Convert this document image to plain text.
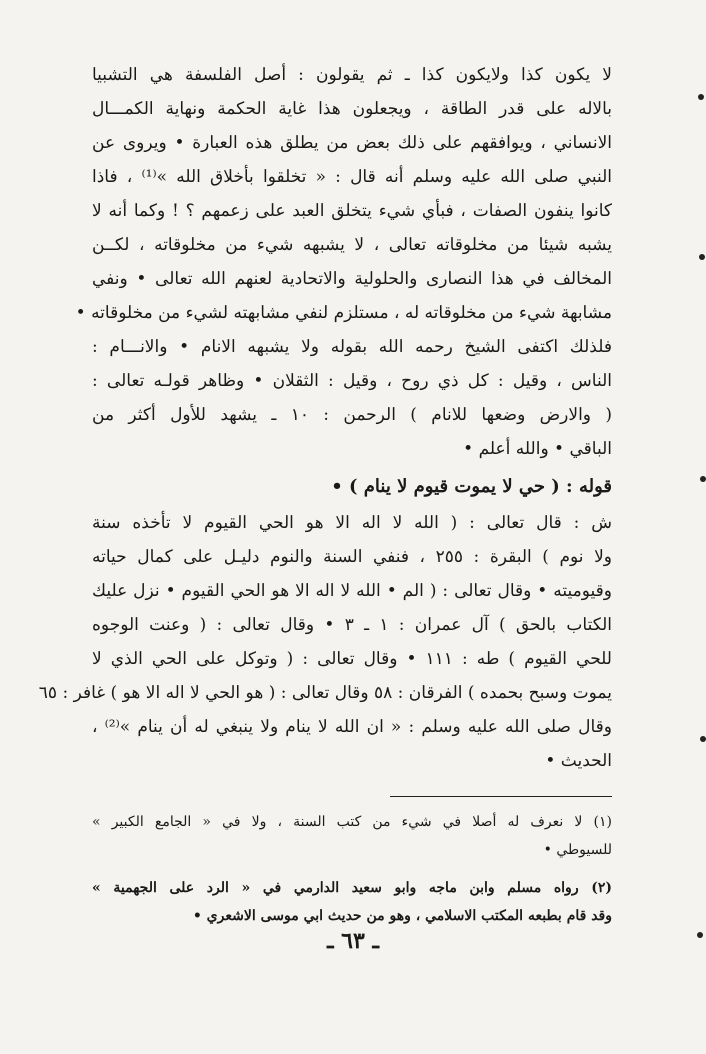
لا يكون كذا ولايكون كذا ـ ثم يقولون : أصل الفلسفة هي التشبيا
بالاله على قدر الطاقة ، ويجعلون هذا غاية الحكمة ونهاية الكمـــال
الانساني ، ويوافقهم على ذلك بعض من يطلق هذه العبارة • ويروى عن
النبي صلى الله عليه وسلم أنه قال : « تخلقوا بأخلاق الله »⁽¹⁾ ، فاذا
كانوا ينفون الصفات ، فبأي شيء يتخلق العبد على زعمهم ؟ ! وكما أنه لا
يشبه شيئا من مخلوقاته تعالى ، لا يشبهه شيء من مخلوقاته ، لكــن
المخالف في هذا النصارى والحلولية والاتحادية لعنهم الله تعالى • ونفي
مشابهة شيء من مخلوقاته له ، مستلزم لنفي مشابهته لشيء من مخلوقاته •
فلذلك اكتفى الشيخ رحمه الله بقوله ولا يشبهه الانام • والانـــام :
الناس ، وقيل : كل ذي روح ، وقيل : الثقلان • وظاهر قولـه تعالى :
( والارض وضعها للانام ) الرحمن : ١٠ ـ يشهد للأول أكثر من
الباقي • والله أعلم •
قوله : ( حي لا يموت قيوم لا ينام ) •
ش : قال تعالى : ( الله لا اله الا هو الحي القيوم لا تأخذه سنة
ولا نوم ) البقرة : ٢٥٥ ، فنفي السنة والنوم دليـل على كمال حياته
وقيوميته • وقال تعالى : ( الم • الله لا اله الا هو الحي القيوم • نزل عليك
الكتاب بالحق ) آل عمران : ١ ـ ٣ • وقال تعالى : ( وعنت الوجوه
للحي القيوم ) طه : ١١١ • وقال تعالى : ( وتوكل على الحي الذي لا
يموت وسبح بحمده ) الفرقان : ٥٨ وقال تعالى : ( هو الحي لا اله الا هو ) غافر : ٦٥
وقال صلى الله عليه وسلم : « ان الله لا ينام ولا ينبغي له أن ينام »⁽²⁾ ،
الحديث •
(١) لا نعرف له أصلا في شيء من كتب السنة ، ولا في « الجامع الكبير »
للسيوطي •
(٢) رواه مسلم وابن ماجه وابو سعيد الدارمي في « الرد على الجهمية »
وقد قام بطبعه المكتب الاسلامي ، وهو من حديث ابي موسى الاشعري •
ـ ٦٣ ـ
